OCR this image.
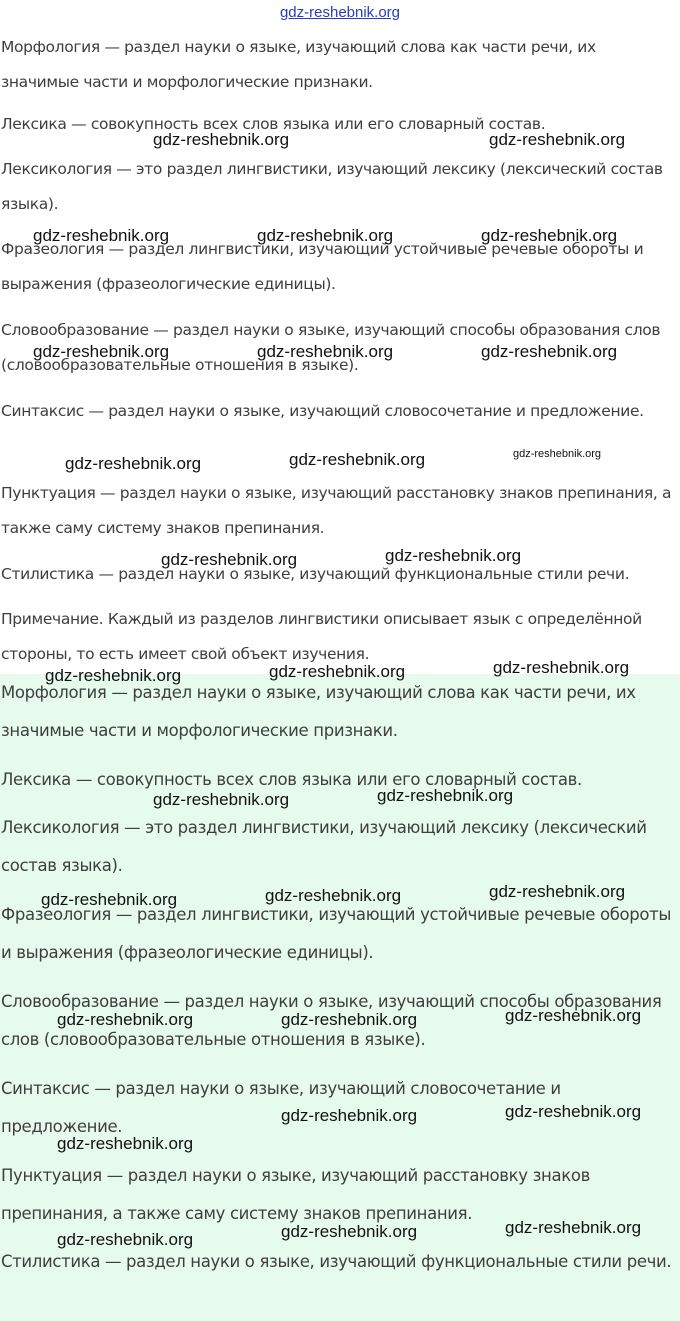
gdz-reshebnik.org

Морфология — раздел науки о языке, изучающий слова как части речи, их значимые части и морфологические признаки.

Лексика — совокупность всех слов языка или его словарный состав.

Лексикология — это раздел лингвистики, изучающий лексику (лексический состав языка).

Фразеология — раздел лингвистики, изучающий устойчивые речевые обороты и выражения (фразеологические единицы).

Словообразование — раздел науки о языке, изучающий способы образования слов (словообразовательные отношения в языке).

Синтаксис — раздел науки о языке, изучающий словосочетание и предложение.

Пунктуация — раздел науки о языке, изучающий расстановку знаков препинания, а также саму систему знаков препинания.

Стилистика — раздел науки о языке, изучающий функциональные стили речи.

Примечание. Каждый из разделов лингвистики описывает язык с определённой стороны, то есть имеет свой объект изучения.

Морфология — раздел науки о языке, изучающий слова как части речи, их значимые части и морфологические признаки.

Лексика — совокупность всех слов языка или его словарный состав.

Лексикология — это раздел лингвистики, изучающий лексику (лексический состав языка).

Фразеология — раздел лингвистики, изучающий устойчивые речевые обороты и выражения (фразеологические единицы).

Словообразование — раздел науки о языке, изучающий способы образования слов (словообразовательные отношения в языке).

Синтаксис — раздел науки о языке, изучающий словосочетание и предложение.

Пунктуация — раздел науки о языке, изучающий расстановку знаков препинания, а также саму систему знаков препинания.

Стилистика — раздел науки о языке, изучающий функциональные стили речи.

gdz-reshebnik.org	gdz-reshebnik.org
gdz-reshebnik.org	gdz-reshebnik.org	gdz-reshebnik.org
gdz-reshebnik.org	gdz-reshebnik.org	gdz-reshebnik.org
gdz-reshebnik.org	gdz-reshebnik.org	gdz-reshebnik.org
gdz-reshebnik.org	gdz-reshebnik.org
gdz-reshebnik.org	gdz-reshebnik.org	gdz-reshebnik.org
gdz-reshebnik.org	gdz-reshebnik.org
gdz-reshebnik.org	gdz-reshebnik.org	gdz-reshebnik.org
gdz-reshebnik.org	gdz-reshebnik.org	gdz-reshebnik.org
gdz-reshebnik.org	gdz-reshebnik.org
gdz-reshebnik.org
gdz-reshebnik.org	gdz-reshebnik.org
gdz-reshebnik.org
